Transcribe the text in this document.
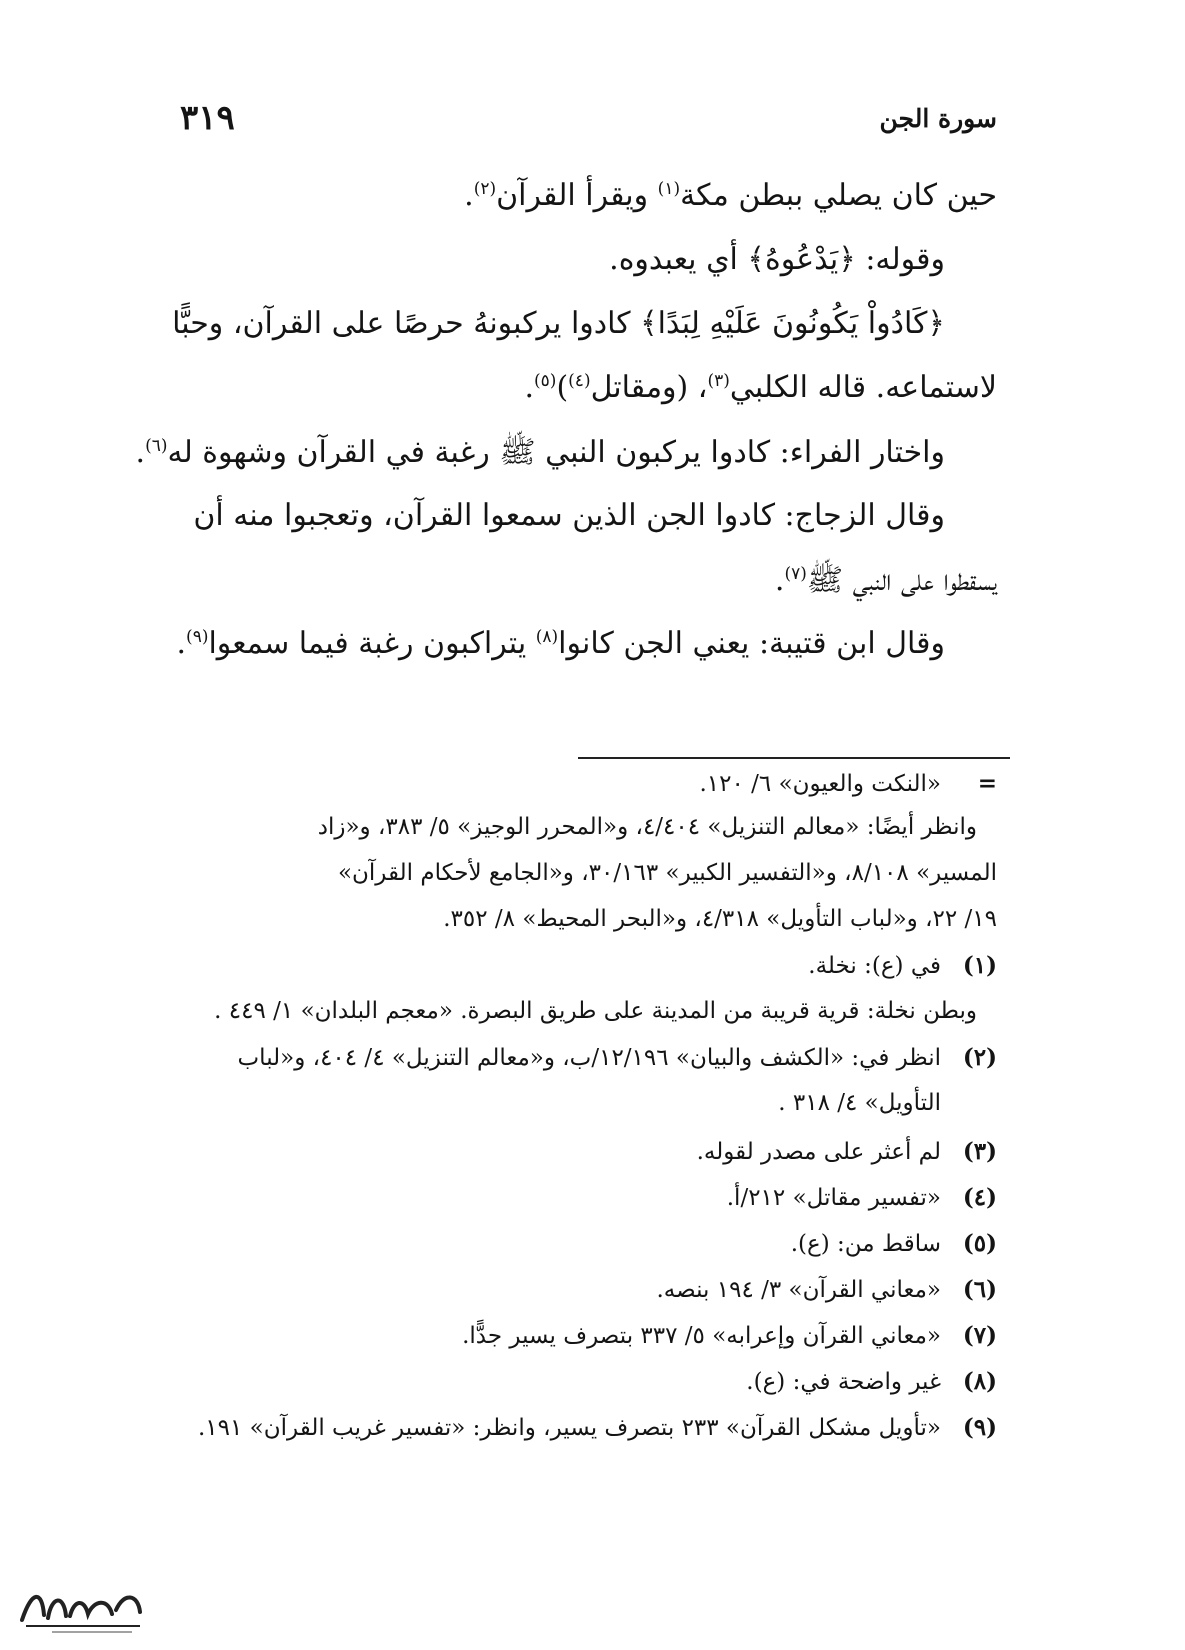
سورة الجن
٣١٩
حين كان يصلي ببطن مكة$^{(١)}$ ويقرأ القرآن$^{(٢)}$.
وقوله: ﴿يَدْعُوهُ﴾ أي يعبدوه.
﴿كَادُواْ يَكُونُونَ عَلَيْهِ لِبَدًا﴾ كادوا يركبونهُ حرصًا على القرآن، وحبًّا
لاستماعه. قاله الكلبي$^{(٣)}$، (ومقاتل$^{(٤)}$)$^{(٥)}$.
واختار الفراء: كادوا يركبون النبي ﷺ رغبة في القرآن وشهوة له$^{(٦)}$.
وقال الزجاج: كادوا الجن الذين سمعوا القرآن، وتعجبوا منه أن
يسقطوا على النبي ﷺ$^{(٧)}$.
وقال ابن قتيبة: يعني الجن كانوا$^{(٨)}$ يتراكبون رغبة فيما سمعوا$^{(٩)}$.
=«النكت والعيون» ٦/ ١٢٠.
وانظر أيضًا: «معالم التنزيل» ٤/٤٠٤، و«المحرر الوجيز» ٥/ ٣٨٣، و«زاد
المسير» ٨/١٠٨، و«التفسير الكبير» ٣٠/١٦٣، و«الجامع لأحكام القرآن»
١٩/ ٢٢، و«لباب التأويل» ٤/٣١٨، و«البحر المحيط» ٨/ ٣٥٢.
(١)في (ع): نخلة.
وبطن نخلة: قرية قريبة من المدينة على طريق البصرة. «معجم البلدان» ١/ ٤٤٩ .
(٢)انظر في: «الكشف والبيان» ١٢/١٩٦/ب، و«معالم التنزيل» ٤/ ٤٠٤، و«لباب
التأويل» ٤/ ٣١٨ .
(٣)لم أعثر على مصدر لقوله.
(٤)«تفسير مقاتل» ٢١٢/أ.
(٥)ساقط من: (ع).
(٦)«معاني القرآن» ٣/ ١٩٤ بنصه.
(٧)«معاني القرآن وإعرابه» ٥/ ٣٣٧ بتصرف يسير جدًّا.
(٨)غير واضحة في: (ع).
(٩)«تأويل مشكل القرآن» ٢٣٣ بتصرف يسير، وانظر: «تفسير غريب القرآن» ١٩١.
